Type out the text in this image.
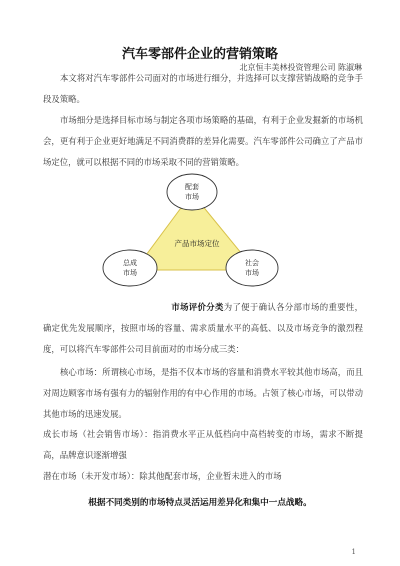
汽车零部件企业的营销策略
北京恒丰美林投资管理公司 陈淑琳
本文将对汽车零部件公司面对的市场进行细分，并选择可以支撑营销战略的竞争手段及策略。
市场细分是选择目标市场与制定各项市场策略的基础，有利于企业发掘新的市场机会，更有利于企业更好地满足不同消费群的差异化需要。汽车零部件公司确立了产品市场定位，就可以根据不同的市场采取不同的营销策略。
产品市场定位
配套
市场
总成
市场
社会
市场
市场评价分类为了便于确认各分部市场的重要性，确定优先发展顺序，按照市场的容量、需求质量水平的高低、以及市场竞争的激烈程度，可以将汽车零部件公司目前面对的市场分成三类：
核心市场：所谓核心市场，是指不仅本市场的容量和消费水平较其他市场高，而且对周边顾客市场有强有力的辐射作用的有中心作用的市场。占领了核心市场，可以带动其他市场的迅速发展。
成长市场（社会销售市场）：指消费水平正从低档向中高档转变的市场，需求不断提高，品牌意识逐渐增强
潜在市场（未开发市场）：除其他配套市场，企业暂未进入的市场
根据不同类别的市场特点灵活运用差异化和集中一点战略。
1
